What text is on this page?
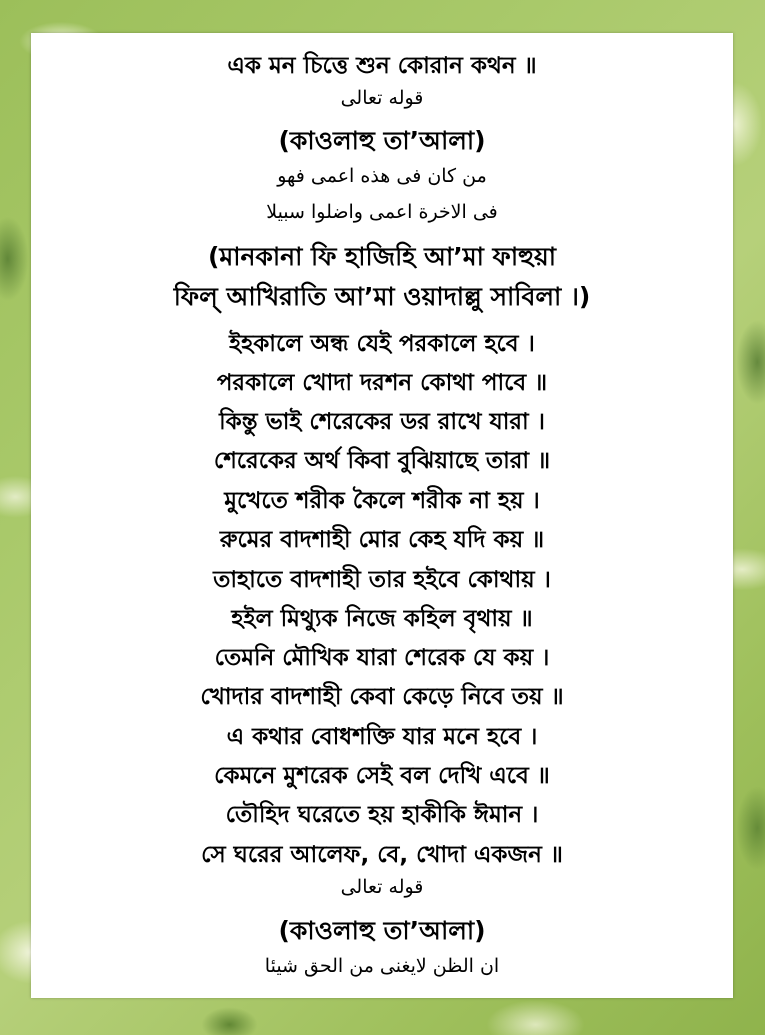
এক মন চিত্তে শুন কোরান কথন ॥
قوله تعالى
(কাওলাহু তা’আলা)
من كان فى هذه اعمى فهو
فى الاخرة اعمى واضلوا سبيلا
(মানকানা ফি হাজিহি আ’মা ফাহুয়া
ফিল্ আখিরাতি আ’মা ওয়াদাল্লু সাবিলা ।)
ইহকালে অন্ধ যেই পরকালে হবে ।
পরকালে খোদা দরশন কোথা পাবে ॥
কিন্তু ভাই শেরেকের ডর রাখে যারা ।
শেরেকের অর্থ কিবা বুঝিয়াছে তারা ॥
মুখেতে শরীক কৈলে শরীক না হয় ।
রুমের বাদশাহী মোর কেহ যদি কয় ॥
তাহাতে বাদশাহী তার হইবে কোথায় ।
হইল মিথ্যুক নিজে কহিল বৃথায় ॥
তেমনি মৌখিক যারা শেরেক যে কয় ।
খোদার বাদশাহী কেবা কেড়ে নিবে তয় ॥
এ কথার বোধশক্তি যার মনে হবে ।
কেমনে মুশরেক সেই বল দেখি এবে ॥
তৌহিদ ঘরেতে হয় হাকীকি ঈমান ।
সে ঘরের আলেফ, বে, খোদা একজন ॥
قوله تعالى
(কাওলাহু তা’আলা)
ان الظن لايغنى من الحق شيئا
